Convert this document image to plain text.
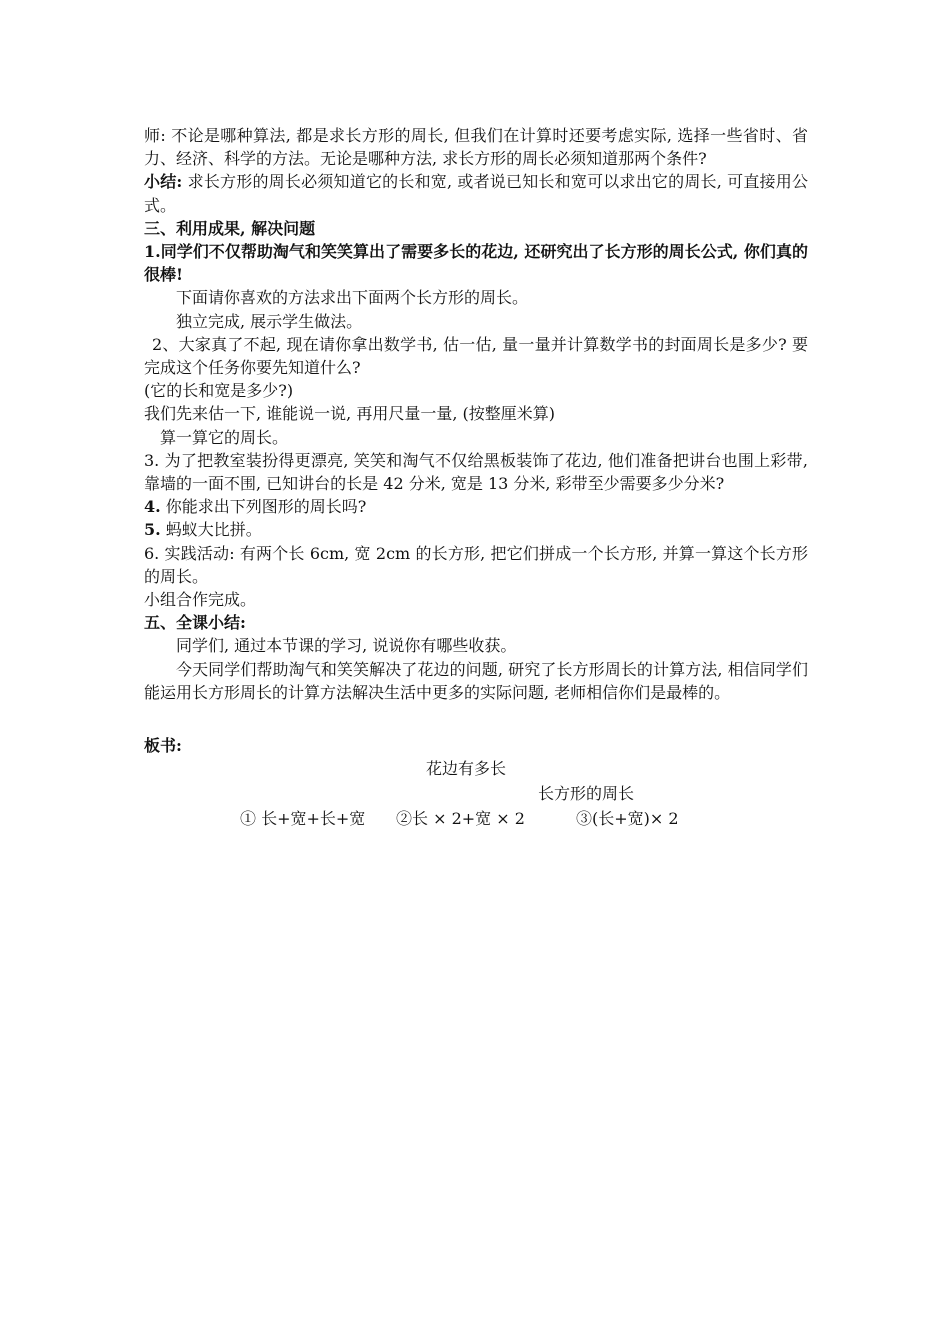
师: 不论是哪种算法, 都是求长方形的周长, 但我们在计算时还要考虑实际, 选择一些省时、省力、经济、科学的方法。无论是哪种方法, 求长方形的周长必须知道那两个条件?

小结: 求长方形的周长必须知道它的长和宽, 或者说已知长和宽可以求出它的周长, 可直接用公式。

三、利用成果, 解决问题

1.同学们不仅帮助淘气和笑笑算出了需要多长的花边, 还研究出了长方形的周长公式, 你们真的很棒!

下面请你喜欢的方法求出下面两个长方形的周长。

独立完成, 展示学生做法。

2、大家真了不起, 现在请你拿出数学书, 估一估, 量一量并计算数学书的封面周长是多少? 要完成这个任务你要先知道什么?

(它的长和宽是多少?)

我们先来估一下, 谁能说一说, 再用尺量一量, (按整厘米算)

算一算它的周长。

3. 为了把教室装扮得更漂亮, 笑笑和淘气不仅给黑板装饰了花边, 他们准备把讲台也围上彩带, 靠墙的一面不围, 已知讲台的长是 42 分米, 宽是 13 分米, 彩带至少需要多少分米?

4. 你能求出下列图形的周长吗?

5. 蚂蚁大比拼。

6. 实践活动: 有两个长 6cm, 宽 2cm 的长方形, 把它们拼成一个长方形, 并算一算这个长方形的周长。

小组合作完成。

五、全课小结:

同学们, 通过本节课的学习, 说说你有哪些收获。

今天同学们帮助淘气和笑笑解决了花边的问题, 研究了长方形周长的计算方法, 相信同学们能运用长方形周长的计算方法解决生活中更多的实际问题, 老师相信你们是最棒的。

板书:

花边有多长
长方形的周长
① 长+宽+长+宽 ②长 × 2+宽 × 2	③(长+宽)× 2
